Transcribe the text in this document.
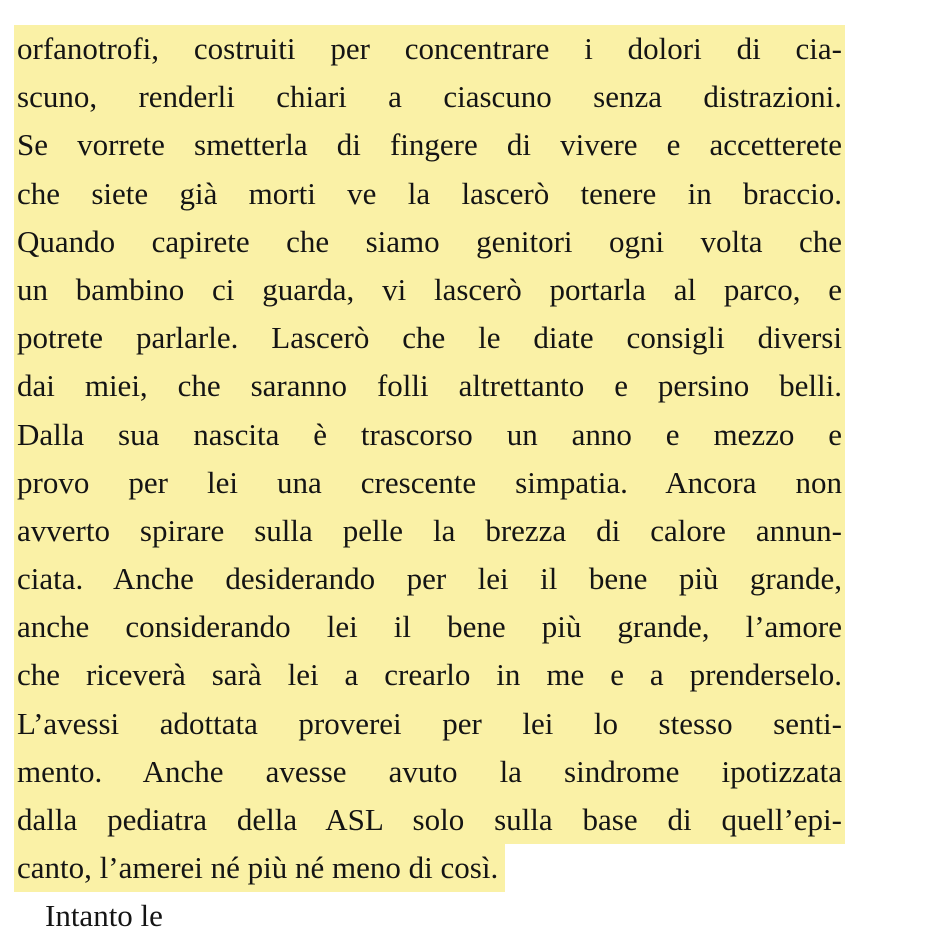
orfanotrofi, costruiti per concentrare i dolori di cia-
scuno, renderli chiari a ciascuno senza distrazioni.
Se vorrete smetterla di fingere di vivere e accetterete
che siete già morti ve la lascerò tenere in braccio.
Quando capirete che siamo genitori ogni volta che
un bambino ci guarda, vi lascerò portarla al parco, e
potrete parlarle. Lascerò che le diate consigli diversi
dai miei, che saranno folli altrettanto e persino belli.
Dalla sua nascita è trascorso un anno e mezzo e
provo per lei una crescente simpatia. Ancora non
avverto spirare sulla pelle la brezza di calore annun-
ciata. Anche desiderando per lei il bene più grande,
anche considerando lei il bene più grande, l’amore
che riceverà sarà lei a crearlo in me e a prenderselo.
L’avessi adottata proverei per lei lo stesso senti-
mento. Anche avesse avuto la sindrome ipotizzata
dalla pediatra della ASL solo sulla base di quell’epi-
canto, l’amerei né più né meno di così.
Intanto le
